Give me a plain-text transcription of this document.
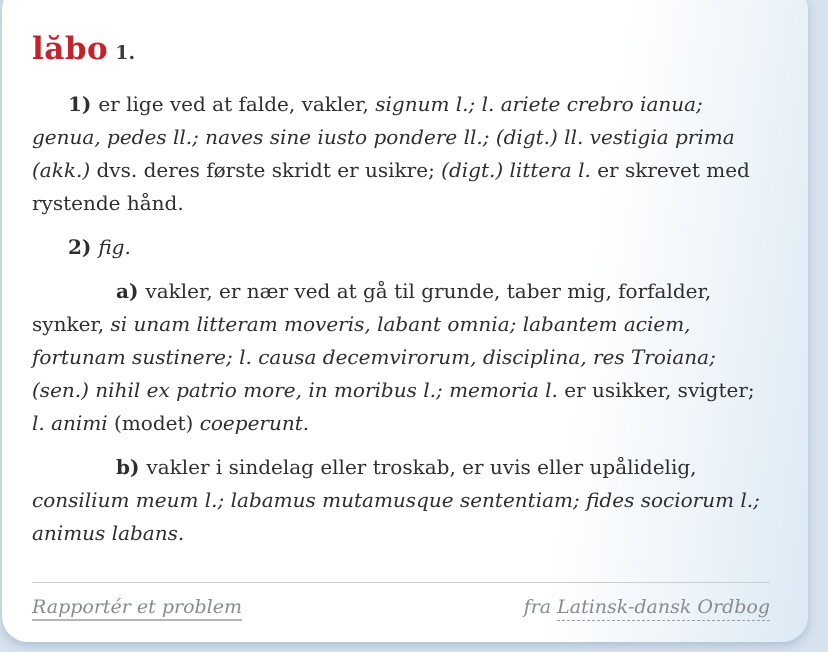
lăbo 1.

1) er lige ved at falde, vakler, signum l.; l. ariete crebro ianua; genua, pedes ll.; naves sine iusto pondere ll.; (digt.) ll. vestigia prima (akk.) dvs. deres første skridt er usikre; (digt.) littera l. er skrevet med rystende hånd.

2) fig.

a) vakler, er nær ved at gå til grunde, taber mig, forfalder, synker, si unam litteram moveris, labant omnia; labantem aciem, fortunam sustinere; l. causa decemvirorum, disciplina, res Troiana; (sen.) nihil ex patrio more, in moribus l.; memoria l. er usikker, svigter; l. animi (modet) coeperunt.

b) vakler i sindelag eller troskab, er uvis eller upålidelig, consilium meum l.; labamus mutamusque sententiam; fides sociorum l.; animus labans.

Rapportér et problem	fra Latinsk-dansk Ordbog
